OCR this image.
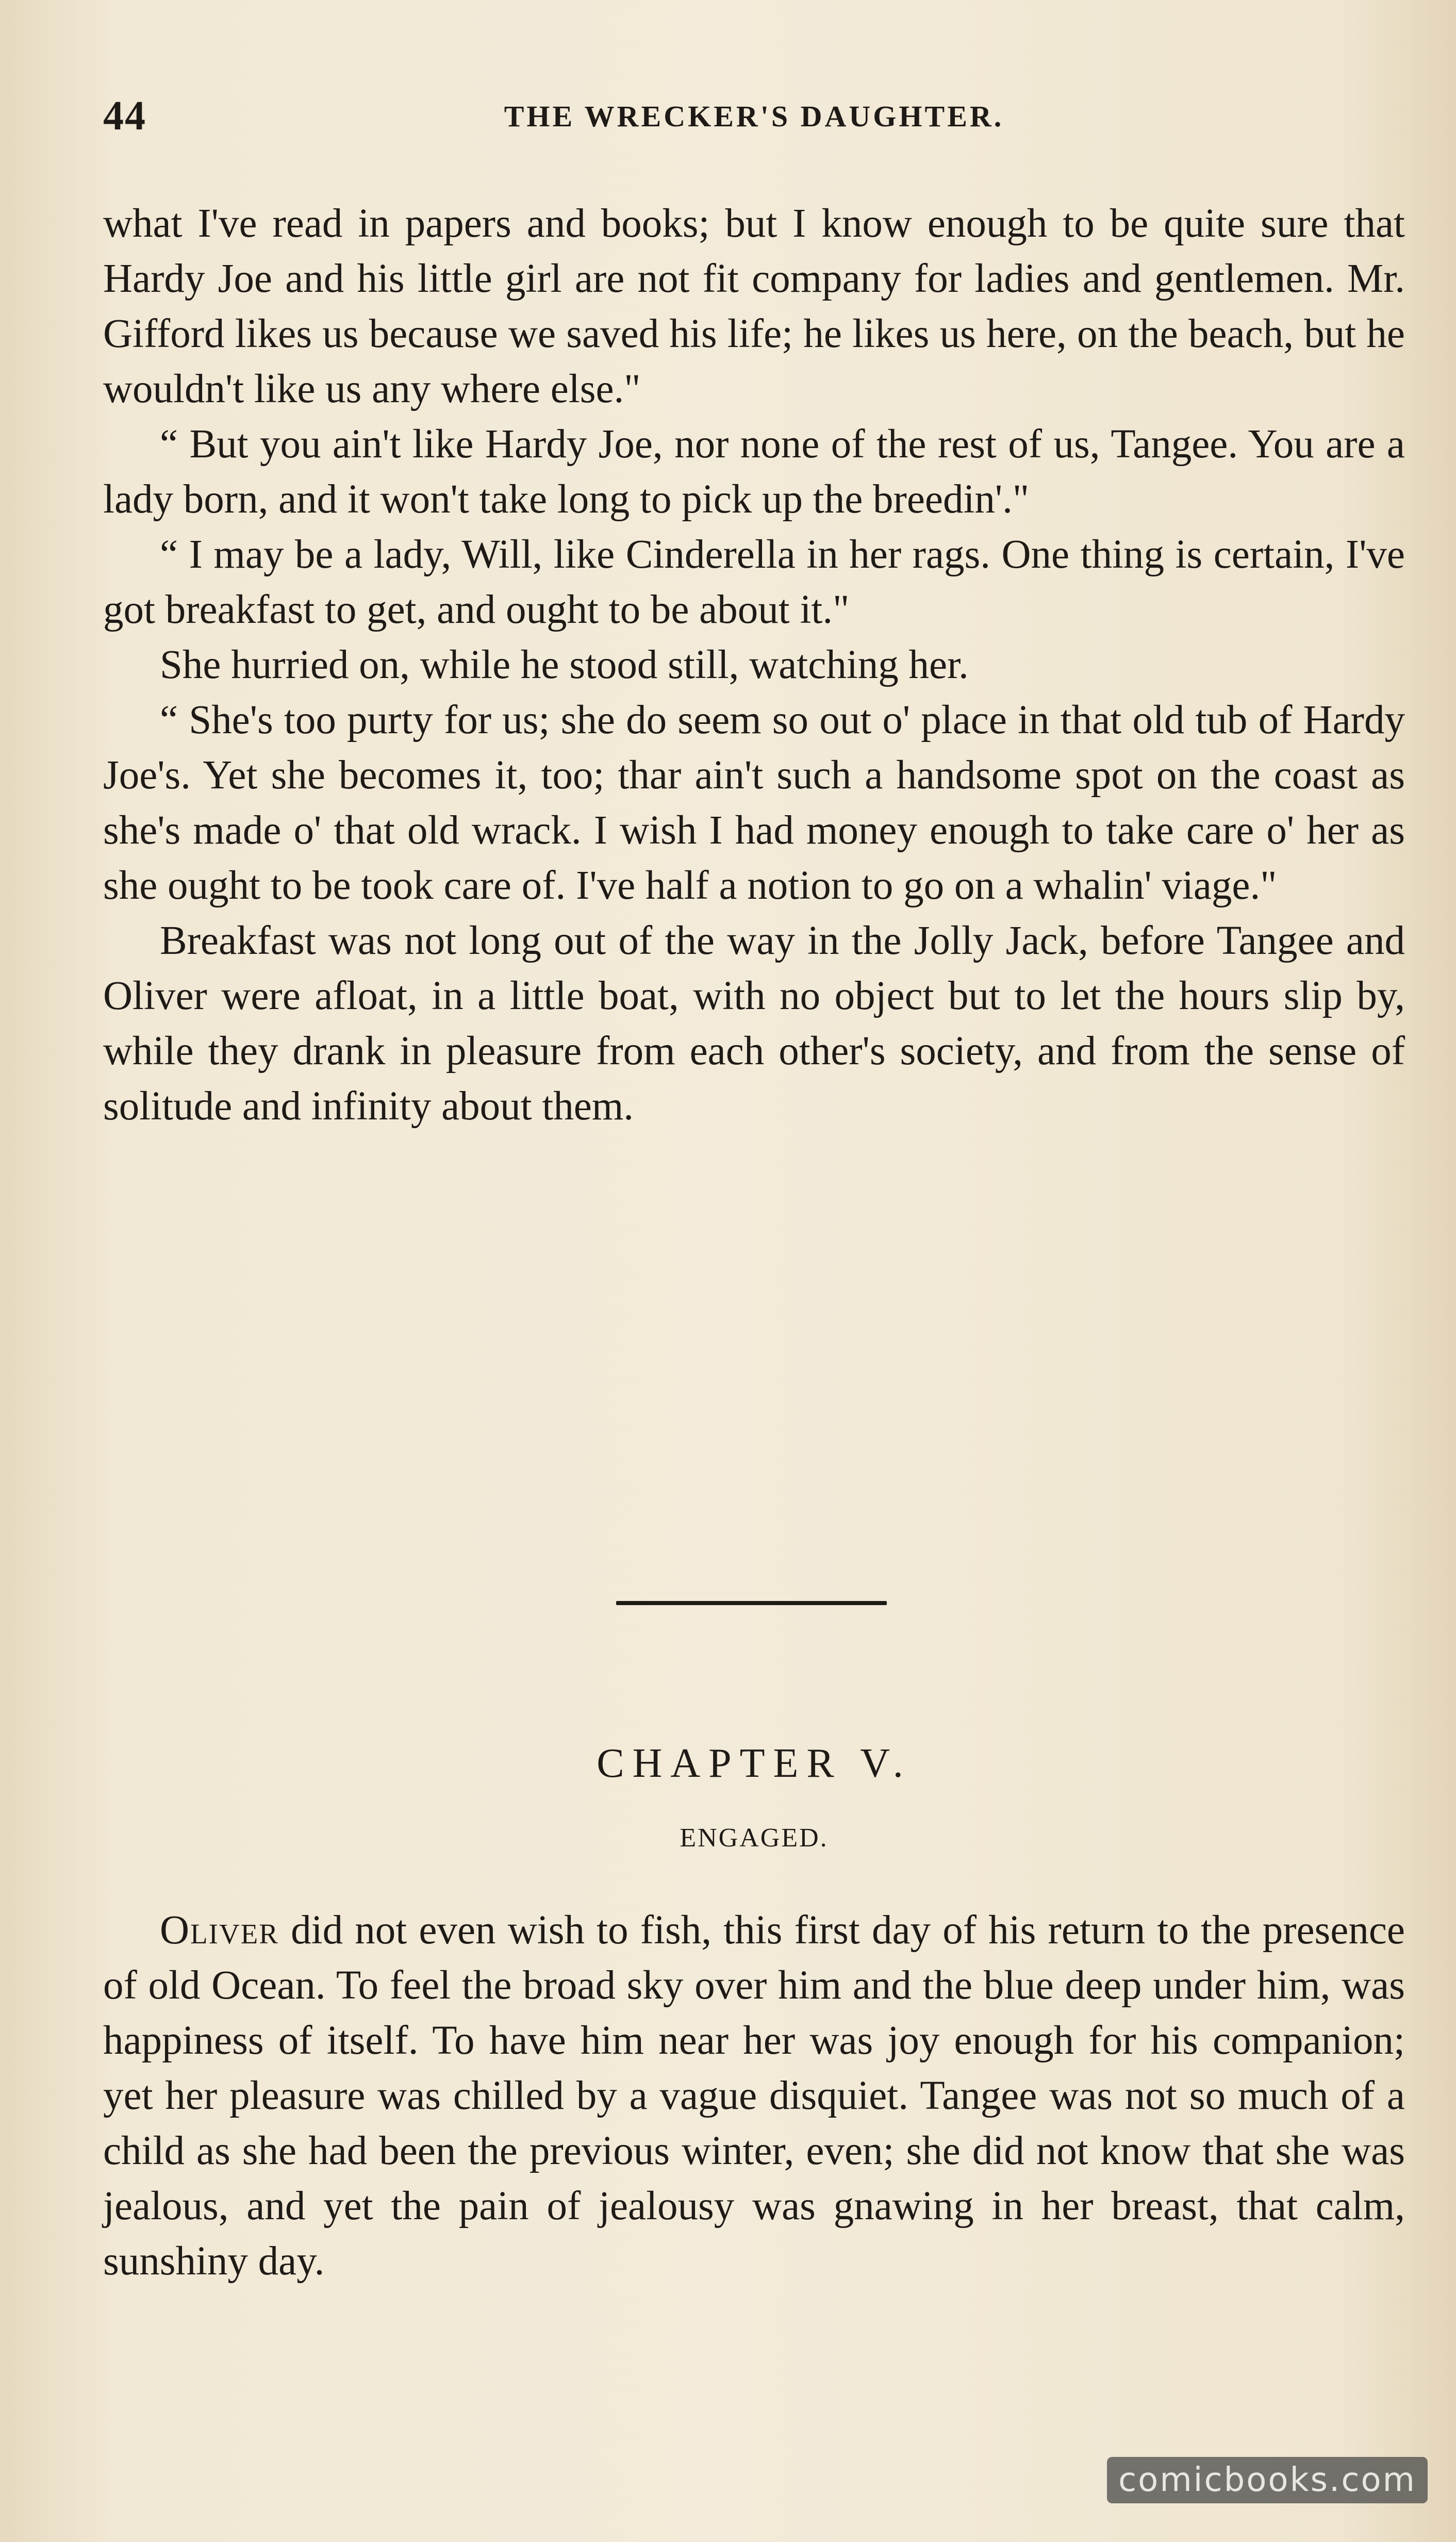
44	THE WRECKER'S DAUGHTER.

what I've read in papers and books; but I know enough to be quite sure that Hardy Joe and his little girl are not fit company for ladies and gentlemen. Mr. Gifford likes us because we saved his life; he likes us here, on the beach, but he wouldn't like us any where else."

“ But you ain't like Hardy Joe, nor none of the rest of us, Tangee. You are a lady born, and it won't take long to pick up the breedin'."

“ I may be a lady, Will, like Cinderella in her rags. One thing is certain, I've got breakfast to get, and ought to be about it."

She hurried on, while he stood still, watching her.

“ She's too purty for us; she do seem so out o' place in that old tub of Hardy Joe's. Yet she becomes it, too; thar ain't such a handsome spot on the coast as she's made o' that old wrack. I wish I had money enough to take care o' her as she ought to be took care of. I've half a notion to go on a whalin' viage."

Breakfast was not long out of the way in the Jolly Jack, before Tangee and Oliver were afloat, in a little boat, with no object but to let the hours slip by, while they drank in pleasure from each other's society, and from the sense of solitude and infinity about them.

CHAPTER V.
ENGAGED.

Oliver did not even wish to fish, this first day of his return to the presence of old Ocean. To feel the broad sky over him and the blue deep under him, was happiness of itself. To have him near her was joy enough for his companion; yet her pleasure was chilled by a vague disquiet. Tangee was not so much of a child as she had been the previous winter, even; she did not know that she was jealous, and yet the pain of jealousy was gnawing in her breast, that calm, sunshiny day.

comicbooks.com
